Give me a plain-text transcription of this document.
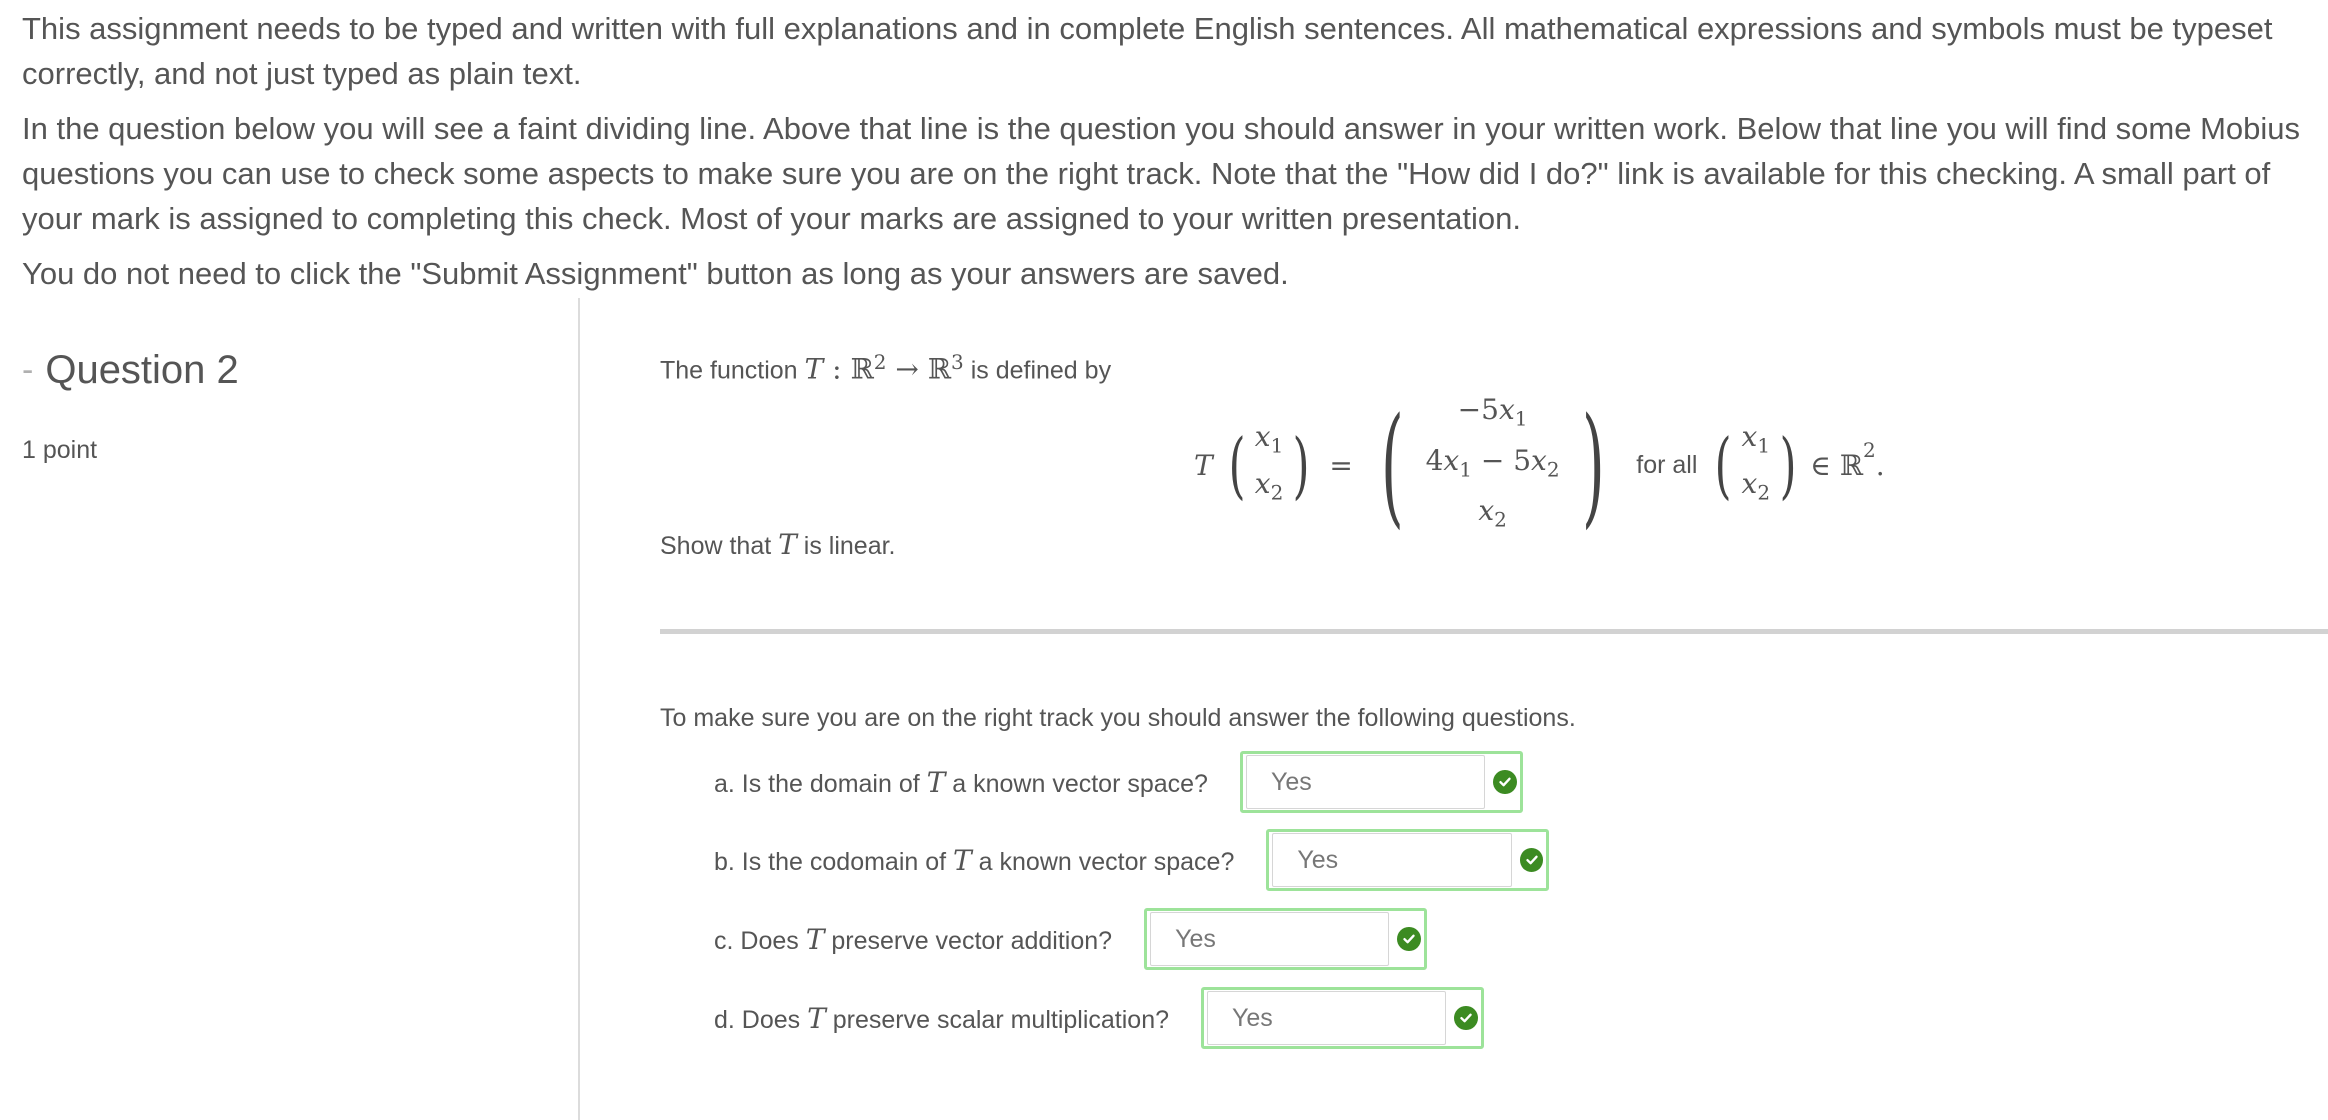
This assignment needs to be typed and written with full explanations and in complete English sentences. All mathematical expressions and symbols must be typeset correctly, and not just typed as plain text.

In the question below you will see a faint dividing line. Above that line is the question you should answer in your written work. Below that line you will find some Mobius questions you can use to check some aspects to make sure you are on the right track. Note that the "How did I do?" link is available for this checking. A small part of your mark is assigned to completing this check. Most of your marks are assigned to your written presentation.

You do not need to click the "Submit Assignment" button as long as your answers are saved.

- Question 2
1 point
The function T : ℝ$^2$ → ℝ$^3$ is defined by
T ( $x_1$
$x_2$ ) = ( $-5x_1$
$4x_1 - 5x_2$
$x_2$ ) for all ( $x_1$
$x_2$ ) ∈ ℝ 2 .
Show that T is linear.
To make sure you are on the right track you should answer the following questions.
a. Is the domain of T a known vector space?	Yes
b. Is the codomain of T a known vector space?	Yes
c. Does T preserve vector addition?	Yes
d. Does T preserve scalar multiplication?	Yes
